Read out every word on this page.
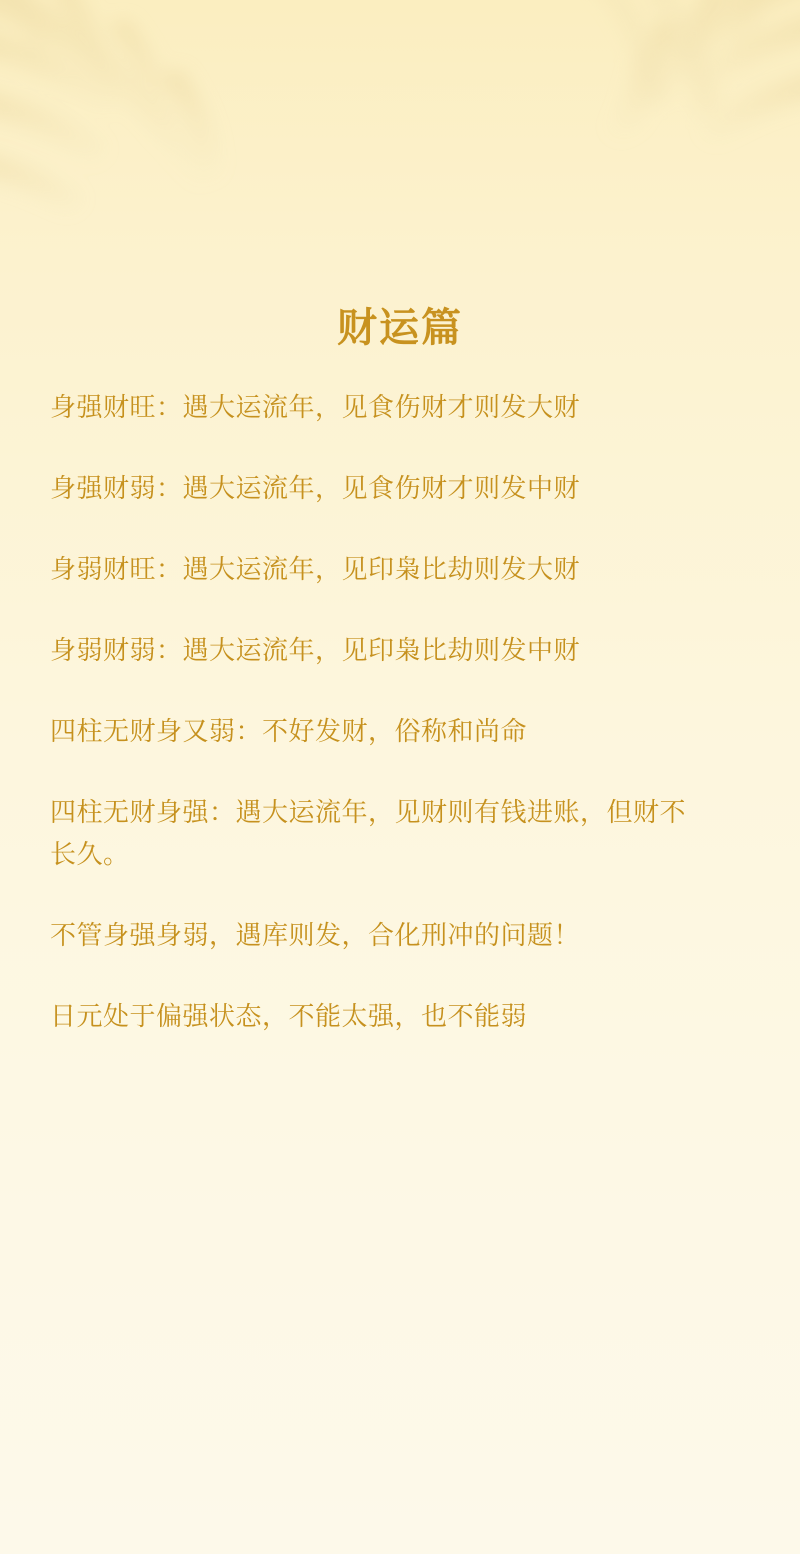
财运篇
身强财旺：遇大运流年，见食伤财才则发大财
身强财弱：遇大运流年，见食伤财才则发中财
身弱财旺：遇大运流年，见印枭比劫则发大财
身弱财弱：遇大运流年，见印枭比劫则发中财
四柱无财身又弱：不好发财，俗称和尚命
四柱无财身强：遇大运流年，见财则有钱进账，但财不长久。
不管身强身弱，遇库则发，合化刑冲的问题！
日元处于偏强状态，不能太强，也不能弱
